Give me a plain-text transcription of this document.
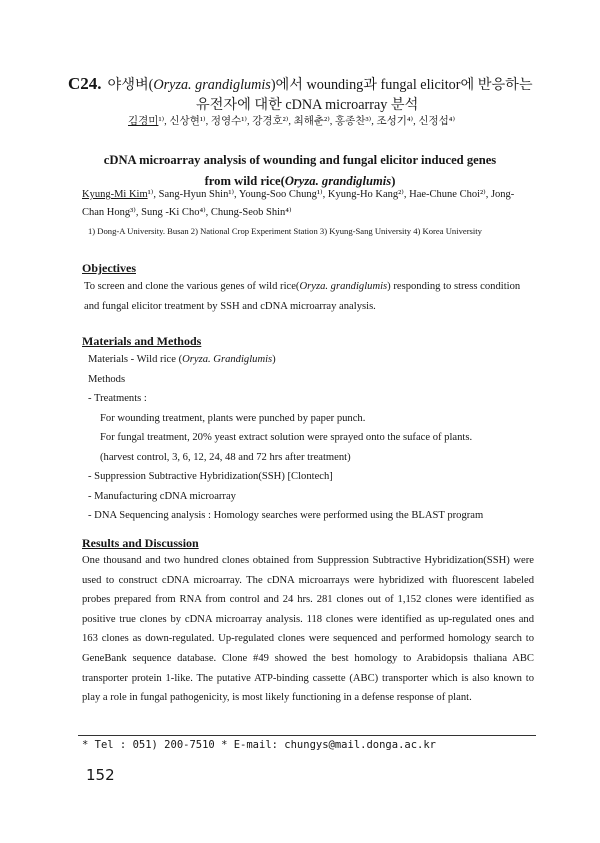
C24. 야생벼(Oryza. grandiglumis)에서 wounding과 fungal elicitor에 반응하는
유전자에 대한 cDNA microarray 분석
김경미¹⁾, 신상현¹⁾, 정영수¹⁾, 강경호²⁾, 최해춘²⁾, 홍종찬³⁾, 조성기⁴⁾, 신정섭⁴⁾
cDNA microarray analysis of wounding and fungal elicitor induced genes
from wild rice(Oryza. grandiglumis)
Kyung-Mi Kim¹⁾, Sang-Hyun Shin¹⁾, Young-Soo Chung¹⁾, Kyung-Ho Kang²⁾, Hae-Chune Choi²⁾, Jong-Chan Hong³⁾, Sung -Ki Cho⁴⁾, Chung-Seob Shin⁴⁾
1) Dong-A University. Busan 2) National Crop Experiment Station 3) Kyung-Sang University 4) Korea University
Objectives
To screen and clone the various genes of wild rice(Oryza. grandiglumis) responding to stress condition and fungal elicitor treatment by SSH and cDNA microarray analysis.
Materials and Methods
Materials - Wild rice (Oryza. Grandiglumis)
Methods
- Treatments :
For wounding treatment, plants were punched by paper punch.
For fungal treatment, 20% yeast extract solution were sprayed onto the suface of plants.
(harvest control, 3, 6, 12, 24, 48 and 72 hrs after treatment)
- Suppression Subtractive Hybridization(SSH) [Clontech]
- Manufacturing cDNA microarray
- DNA Sequencing analysis : Homology searches were performed using the BLAST program
Results and Discussion
One thousand and two hundred clones obtained from Suppression Subtractive Hybridization(SSH) were used to construct cDNA microarray. The cDNA microarrays were hybridized with fluorescent labeled probes prepared from RNA from control and 24 hrs. 281 clones out of 1,152 clones were identified as positive true clones by cDNA microarray analysis. 118 clones were identified as up-regulated ones and 163 clones as down-regulated. Up-regulated clones were sequenced and performed homology search to GeneBank sequence database. Clone #49 showed the best homology to Arabidopsis thaliana ABC transporter protein 1-like. The putative ATP-binding cassette (ABC) transporter which is also known to play a role in fungal pathogenicity, is most likely functioning in a defense response of plant.
* Tel : 051) 200-7510 * E-mail: chungys@mail.donga.ac.kr
152
